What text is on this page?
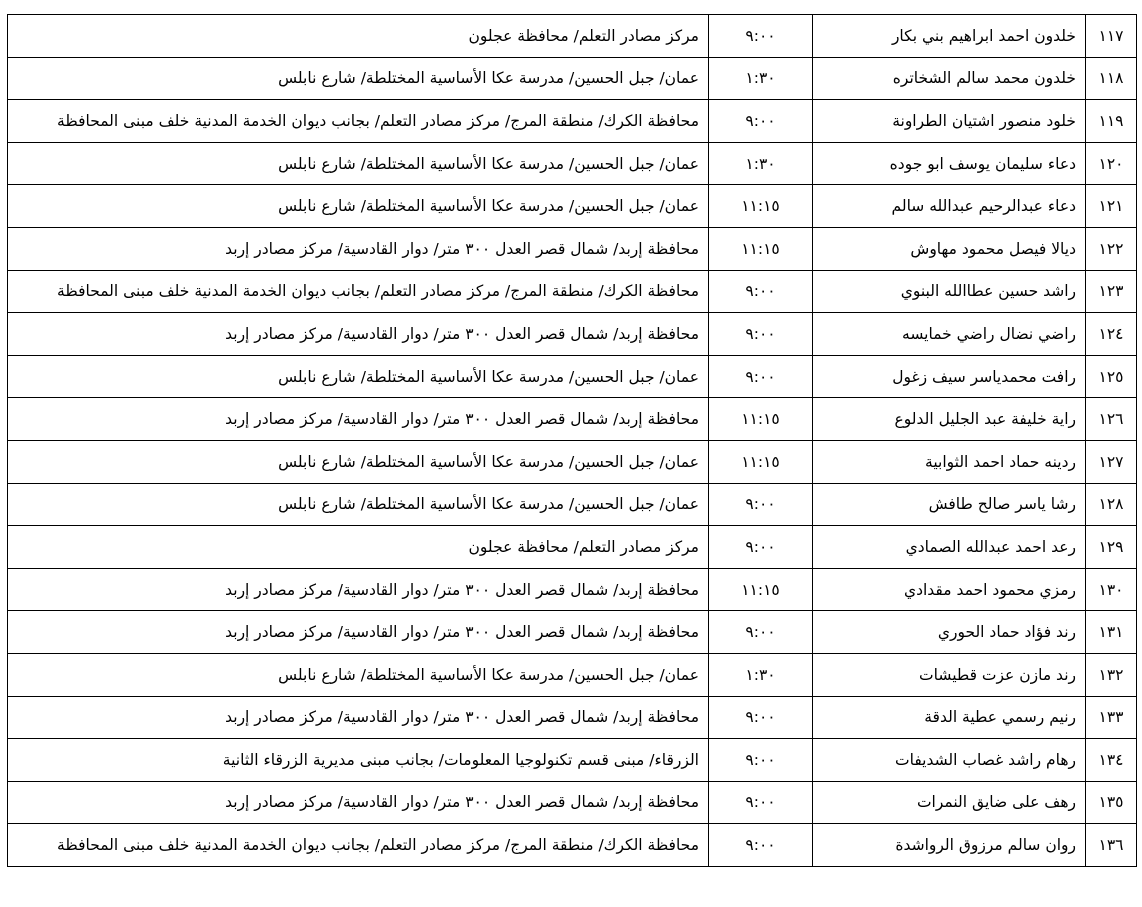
١١٧	خلدون احمد ابراهيم بني بكار	٩:٠٠	مركز مصادر التعلم/ محافظة عجلون
١١٨	خلدون محمد سالم الشخاتره	١:٣٠	عمان/ جبل الحسين/ مدرسة عكا الأساسية المختلطة/ شارع نابلس
١١٩	خلود منصور اشتيان الطراونة	٩:٠٠	محافظة الكرك/ منطقة المرج/ مركز مصادر التعلم/ بجانب ديوان الخدمة المدنية خلف مبنى المحافظة
١٢٠	دعاء سليمان يوسف ابو جوده	١:٣٠	عمان/ جبل الحسين/ مدرسة عكا الأساسية المختلطة/ شارع نابلس
١٢١	دعاء عبدالرحيم عبدالله سالم	١١:١٥	عمان/ جبل الحسين/ مدرسة عكا الأساسية المختلطة/ شارع نابلس
١٢٢	ديالا فيصل محمود مهاوش	١١:١٥	محافظة إربد/ شمال قصر العدل ٣٠٠ متر/ دوار القادسية/ مركز مصادر إربد
١٢٣	راشد حسين عطاالله البنوي	٩:٠٠	محافظة الكرك/ منطقة المرج/ مركز مصادر التعلم/ بجانب ديوان الخدمة المدنية خلف مبنى المحافظة
١٢٤	راضي نضال راضي خمايسه	٩:٠٠	محافظة إربد/ شمال قصر العدل ٣٠٠ متر/ دوار القادسية/ مركز مصادر إربد
١٢٥	رافت محمدياسر سيف زغول	٩:٠٠	عمان/ جبل الحسين/ مدرسة عكا الأساسية المختلطة/ شارع نابلس
١٢٦	راية خليفة عبد الجليل الدلوع	١١:١٥	محافظة إربد/ شمال قصر العدل ٣٠٠ متر/ دوار القادسية/ مركز مصادر إربد
١٢٧	ردينه حماد احمد الثوابية	١١:١٥	عمان/ جبل الحسين/ مدرسة عكا الأساسية المختلطة/ شارع نابلس
١٢٨	رشا ياسر صالح طافش	٩:٠٠	عمان/ جبل الحسين/ مدرسة عكا الأساسية المختلطة/ شارع نابلس
١٢٩	رعد احمد عبدالله الصمادي	٩:٠٠	مركز مصادر التعلم/ محافظة عجلون
١٣٠	رمزي محمود احمد مقدادي	١١:١٥	محافظة إربد/ شمال قصر العدل ٣٠٠ متر/ دوار القادسية/ مركز مصادر إربد
١٣١	رند فؤاد حماد الحوري	٩:٠٠	محافظة إربد/ شمال قصر العدل ٣٠٠ متر/ دوار القادسية/ مركز مصادر إربد
١٣٢	رند مازن عزت قطيشات	١:٣٠	عمان/ جبل الحسين/ مدرسة عكا الأساسية المختلطة/ شارع نابلس
١٣٣	رنيم رسمي عطية الدقة	٩:٠٠	محافظة إربد/ شمال قصر العدل ٣٠٠ متر/ دوار القادسية/ مركز مصادر إربد
١٣٤	رهام راشد غصاب الشديفات	٩:٠٠	الزرقاء/ مبنى قسم تكنولوجيا المعلومات/ بجانب مبنى مديرية الزرقاء الثانية
١٣٥	رهف على ضايق النمرات	٩:٠٠	محافظة إربد/ شمال قصر العدل ٣٠٠ متر/ دوار القادسية/ مركز مصادر إربد
١٣٦	روان سالم مرزوق الرواشدة	٩:٠٠	محافظة الكرك/ منطقة المرج/ مركز مصادر التعلم/ بجانب ديوان الخدمة المدنية خلف مبنى المحافظة
